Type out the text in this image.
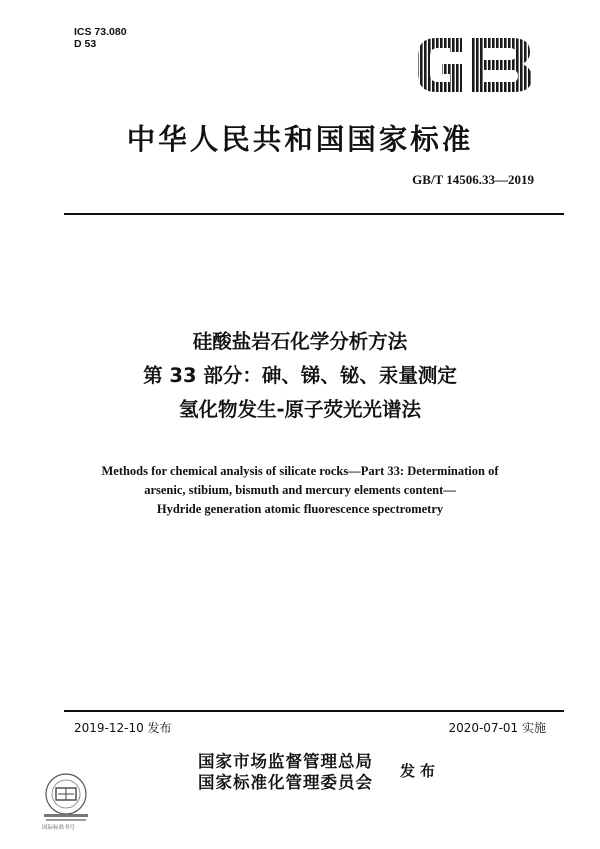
ICS 73.080
D 53
中华人民共和国国家标准
GB/T 14506.33—2019
硅酸盐岩石化学分析方法
第 33 部分：砷、锑、铋、汞量测定
氢化物发生-原子荧光光谱法
Methods for chemical analysis of silicate rocks—Part 33: Determination of
arsenic, stibium, bismuth and mercury elements content—
Hydride generation atomic fluorescence spectrometry
2019-12-10 发布	2020-07-01 实施
国家市场监督管理总局
国家标准化管理委员会
发布
国际标准书号
